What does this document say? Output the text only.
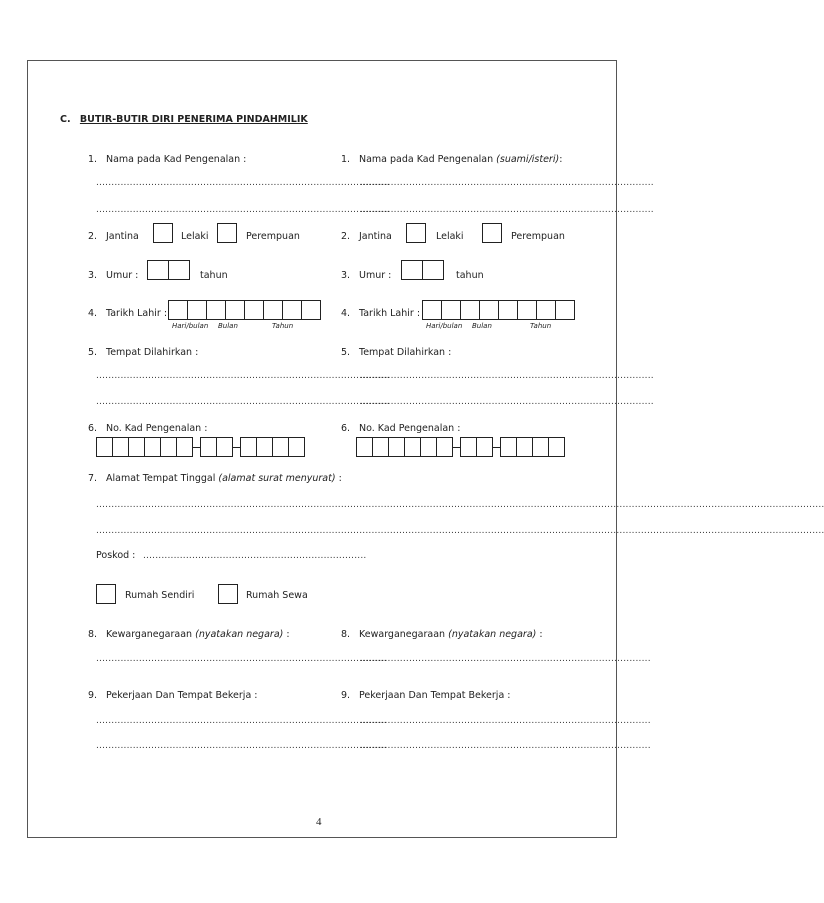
C. BUTIR-BUTIR DIRI PENERIMA PINDAHMILIK
1. Nama pada Kad Pengenalan :
................................................................................................
................................................................................................
2. Jantina	Lelaki	Perempuan
3. Umur :	tahun
4. Tarikh Lahir :
Hari/bulan Bulan	Tahun
5. Tempat Dilahirkan :
................................................................................................
................................................................................................
6. No. Kad Pengenalan :
1. Nama pada Kad Pengenalan (suami/isteri):
................................................................................................
................................................................................................
2. Jantina	Lelaki	Perempuan
3. Umur :	tahun
4. Tarikh Lahir :
Hari/bulan Bulan	Tahun
5. Tempat Dilahirkan :
................................................................................................
................................................................................................
6. No. Kad Pengenalan :
7. Alamat Tempat Tinggal (alamat surat menyurat) :
..............................................................................................................................................................................................................................................
..............................................................................................................................................................................................................................................
Poskod : .........................................................................
Rumah Sendiri	Rumah Sewa
8. Kewarganegaraan (nyatakan negara) :
...............................................................................................
8. Kewarganegaraan (nyatakan negara) :
...............................................................................................
9. Pekerjaan Dan Tempat Bekerja :
...............................................................................................
...............................................................................................
9. Pekerjaan Dan Tempat Bekerja :
...............................................................................................
...............................................................................................
4
